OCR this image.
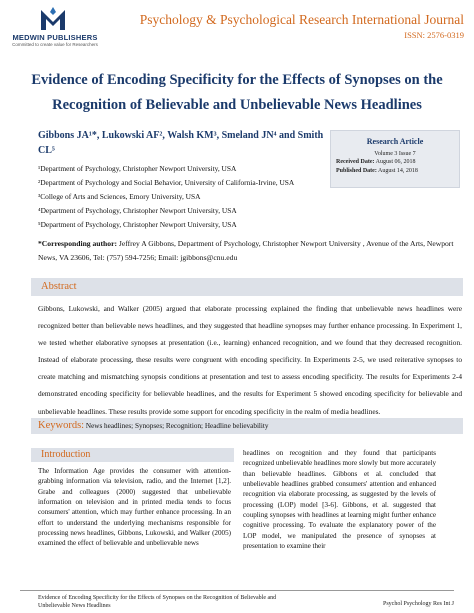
MEDWIN PUBLISHERS
Committed to create value for Researchers
Psychology & Psychological Research International Journal
ISSN: 2576-0319
Evidence of Encoding Specificity for the Effects of Synopses on the Recognition of Believable and Unbelievable News Headlines
Gibbons JA¹*, Lukowski AF², Walsh KM³, Smeland JN⁴ and Smith CL⁵
¹Department of Psychology, Christopher Newport University, USA
²Department of Psychology and Social Behavior, University of California-Irvine, USA
³College of Arts and Sciences, Emory University, USA
⁴Department of Psychology, Christopher Newport University, USA
⁵Department of Psychology, Christopher Newport University, USA
Research Article
Volume 3 Issue 7
Received Date: August 06, 2018
Published Date: August 14, 2018
*Corresponding author: Jeffrey A Gibbons, Department of Psychology, Christopher Newport University , Avenue of the Arts, Newport News, VA 23606, Tel: (757) 594-7256; Email: jgibbons@cnu.edu
Abstract
Gibbons, Lukowski, and Walker (2005) argued that elaborate processing explained the finding that unbelievable news headlines were recognized better than believable news headlines, and they suggested that headline synopses may further enhance processing. In Experiment 1, we tested whether elaborative synopses at presentation (i.e., learning) enhanced recognition, and we found that they decreased recognition. Instead of elaborate processing, these results were congruent with encoding specificity. In Experiments 2-5, we used reiterative synopses to create matching and mismatching synopsis conditions at presentation and test to assess encoding specificity. The results for Experiments 2-4 demonstrated encoding specificity for believable headlines, and the results for Experiment 5 showed encoding specificity for believable and unbelievable headlines. These results provide some support for encoding specificity in the realm of media headlines.
Keywords: News headlines; Synopses; Recognition; Headline believability
Introduction
The Information Age provides the consumer with attention-grabbing information via television, radio, and the Internet [1,2]. Grabe and colleagues (2000) suggested that unbelievable information on television and in printed media tends to focus consumers' attention, which may further enhance processing. In an effort to understand the underlying mechanisms responsible for processing news headlines, Gibbons, Lukowski, and Walker (2005) examined the effect of believable and unbelievable news
headlines on recognition and they found that participants recognized unbelievable headlines more slowly but more accurately than believable headlines. Gibbons et al. concluded that unbelievable headlines grabbed consumers' attention and enhanced recognition via elaborate processing, as suggested by the levels of processing (LOP) model [3-6]. Gibbons, et al. suggested that coupling synopses with headlines at learning might further enhance cognitive processing. To evaluate the explanatory power of the LOP model, we manipulated the presence of synopses at presentation to examine their
Evidence of Encoding Specificity for the Effects of Synopses on the Recognition of Believable and Unbelievable News Headlines	Psychol Psychology Res Int J
